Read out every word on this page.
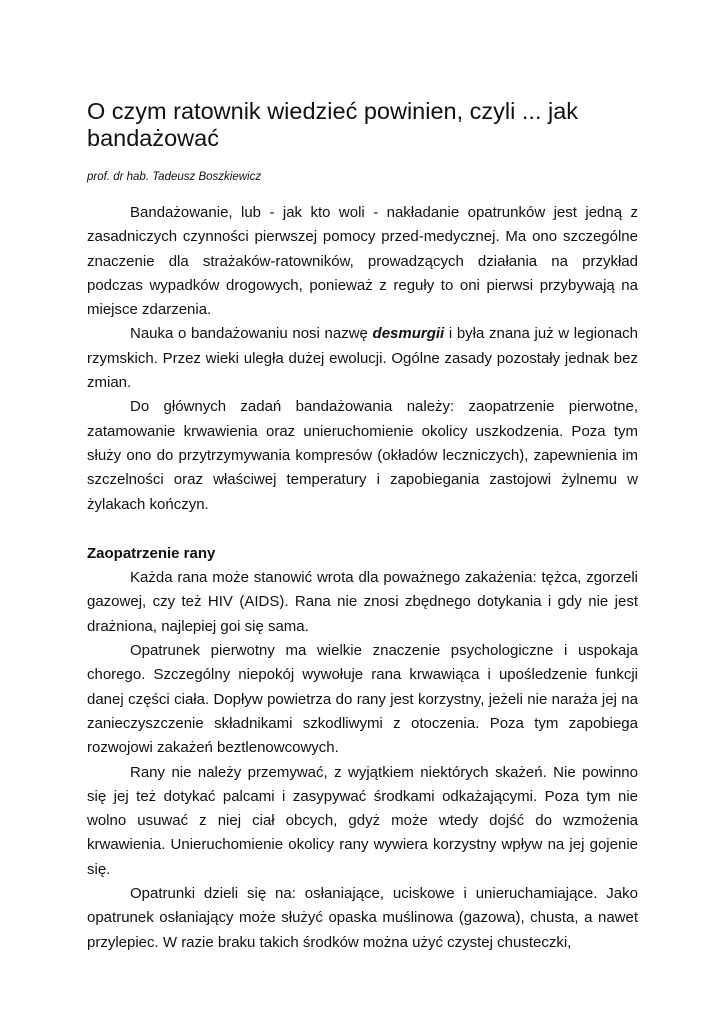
O czym ratownik wiedzieć powinien, czyli ... jak bandażować

prof. dr hab. Tadeusz Boszkiewicz

Bandażowanie, lub - jak kto woli - nakładanie opatrunków jest jedną z zasadniczych czynności pierwszej pomocy przed-medycznej. Ma ono szczególne znaczenie dla strażaków-ratowników, prowadzących działania na przykład podczas wypadków drogowych, ponieważ z reguły to oni pierwsi przybywają na miejsce zdarzenia.

Nauka o bandażowaniu nosi nazwę desmurgii i była znana już w legionach rzymskich. Przez wieki uległa dużej ewolucji. Ogólne zasady pozostały jednak bez zmian.

Do głównych zadań bandażowania należy: zaopatrzenie pierwotne, zatamowanie krwawienia oraz unieruchomienie okolicy uszkodzenia. Poza tym służy ono do przytrzymywania kompresów (okładów leczniczych), zapewnienia im szczelności oraz właściwej temperatury i zapobiegania zastojowi żylnemu w żylakach kończyn.

Zaopatrzenie rany

Każda rana może stanowić wrota dla poważnego zakażenia: tężca, zgorzeli gazowej, czy też HIV (AIDS). Rana nie znosi zbędnego dotykania i gdy nie jest drażniona, najlepiej goi się sama.

Opatrunek pierwotny ma wielkie znaczenie psychologiczne i uspokaja chorego. Szczególny niepokój wywołuje rana krwawiąca i upośledzenie funkcji danej części ciała. Dopływ powietrza do rany jest korzystny, jeżeli nie naraża jej na zanieczyszczenie składnikami szkodliwymi z otoczenia. Poza tym zapobiega rozwojowi zakażeń beztlenowcowych.

Rany nie należy przemywać, z wyjątkiem niektórych skażeń. Nie powinno się jej też dotykać palcami i zasypywać środkami odkażającymi. Poza tym nie wolno usuwać z niej ciał obcych, gdyż może wtedy dojść do wzmożenia krwawienia. Unieruchomienie okolicy rany wywiera korzystny wpływ na jej gojenie się.

Opatrunki dzieli się na: osłaniające, uciskowe i unieruchamiające. Jako opatrunek osłaniający może służyć opaska muślinowa (gazowa), chusta, a nawet przylepiec. W razie braku takich środków można użyć czystej chusteczki,
